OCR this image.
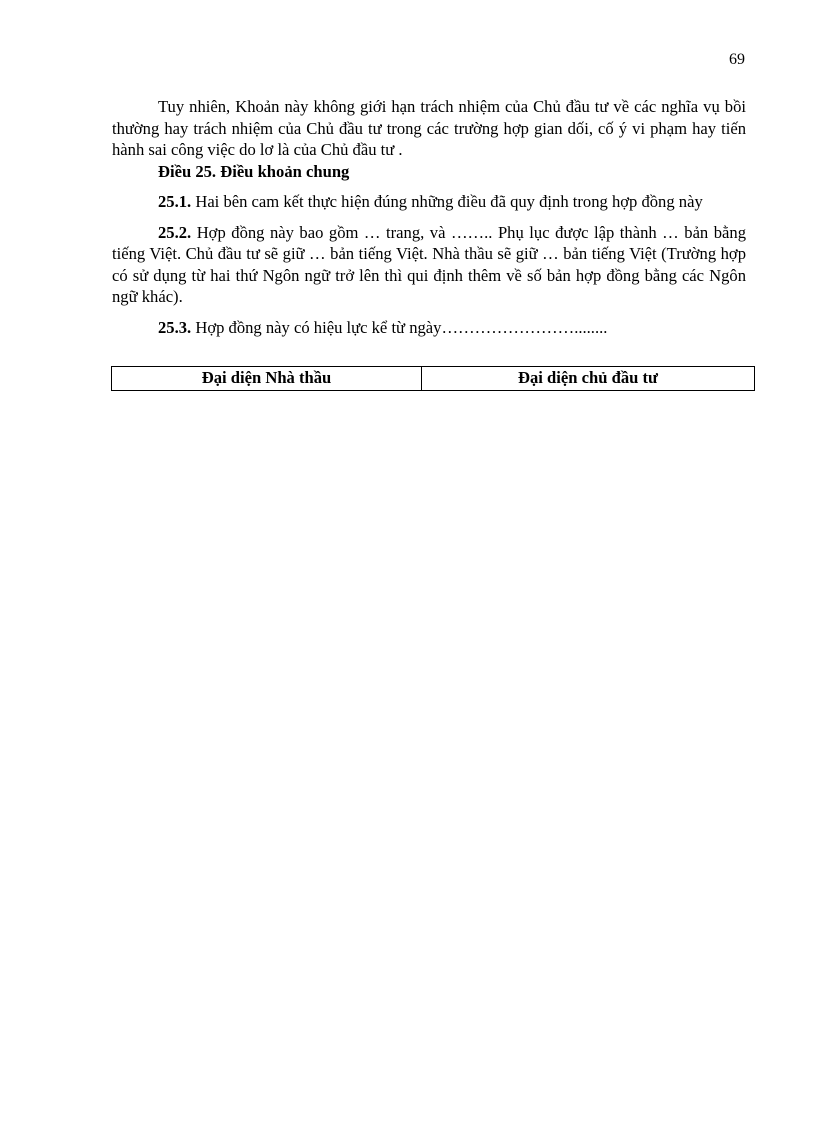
69

Tuy nhiên, Khoản này không giới hạn trách nhiệm của Chủ đầu tư về các nghĩa vụ bồi thường hay trách nhiệm của Chủ đầu tư trong các trường hợp gian dối, cố ý vi phạm hay tiến hành sai công việc do lơ là của Chủ đầu tư .

Điều 25. Điều khoản chung

25.1. Hai bên cam kết thực hiện đúng những điều đã quy định trong hợp đồng này

25.2. Hợp đồng này bao gồm … trang, và …….. Phụ lục được lập thành … bản bằng tiếng Việt. Chủ đầu tư sẽ giữ … bản tiếng Việt. Nhà thầu sẽ giữ … bản tiếng Việt (Trường hợp có sử dụng từ hai thứ Ngôn ngữ trở lên thì qui định thêm về số bản hợp đồng bằng các Ngôn ngữ khác).

25.3. Hợp đồng này có hiệu lực kể từ ngày……………………........

Đại diện Nhà thầu	Đại diện chủ đầu tư
